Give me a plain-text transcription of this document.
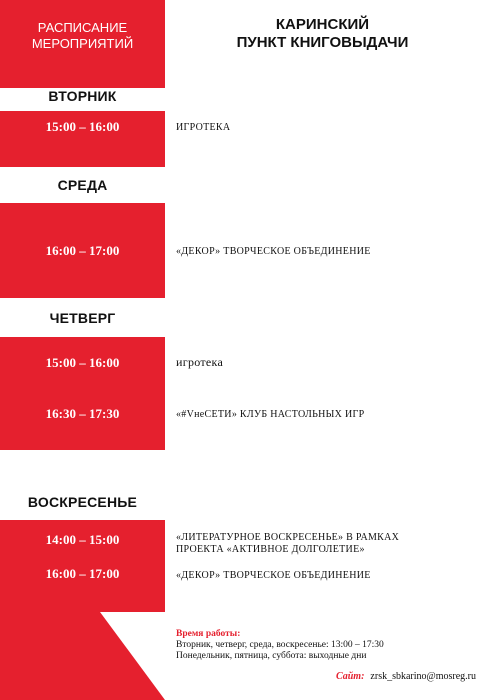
РАСПИСАНИЕ
МЕРОПРИЯТИЙ
КАРИНСКИЙ
ПУНКТ КНИГОВЫДАЧИ
ВТОРНИК
15:00 – 16:00	ИГРОТЕКА
СРЕДА
16:00 – 17:00	«ДЕКОР» ТВОРЧЕСКОЕ ОБЪЕДИНЕНИЕ
ЧЕТВЕРГ
15:00 – 16:00	игротека
16:30 – 17:30	«#VнеСЕТИ» КЛУБ НАСТОЛЬНЫХ ИГР
ВОСКРЕСЕНЬЕ
14:00 – 15:00	«ЛИТЕРАТУРНОЕ ВОСКРЕСЕНЬЕ» В РАМКАХ
ПРОЕКТА «АКТИВНОЕ ДОЛГОЛЕТИЕ»
16:00 – 17:00	«ДЕКОР» ТВОРЧЕСКОЕ ОБЪЕДИНЕНИЕ
Время работы:
Вторник, четверг, среда, воскресенье: 13:00 – 17:30
Понедельник, пятница, суббота: выходные дни
Сайт: zrsk_sbkarino@mosreg.ru
